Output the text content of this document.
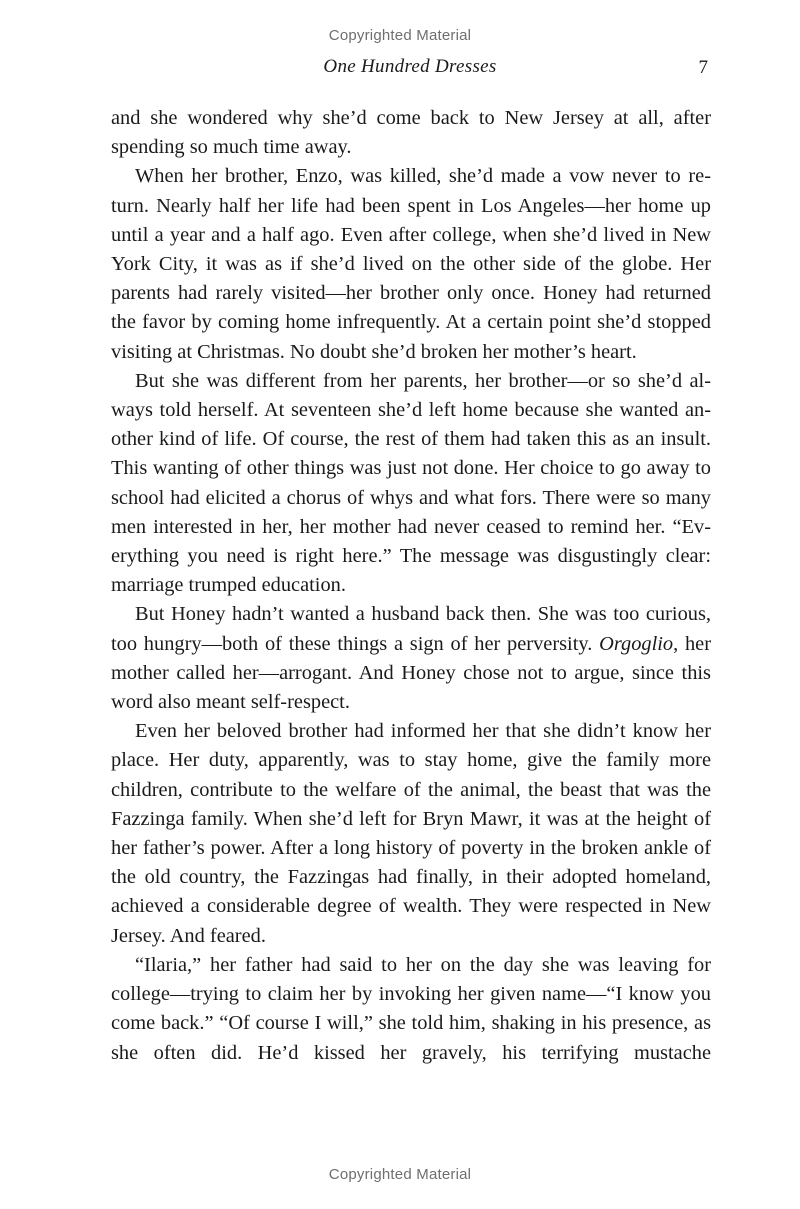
Copyrighted Material
One Hundred Dresses	7

and she wondered why she’d come back to New Jersey at all, after spending so much time away.

When her brother, Enzo, was killed, she’d made a vow never to return. Nearly half her life had been spent in Los Angeles—her home up until a year and a half ago. Even after college, when she’d lived in New York City, it was as if she’d lived on the other side of the globe. Her parents had rarely visited—her brother only once. Honey had returned the favor by coming home infrequently. At a certain point she’d stopped visiting at Christmas. No doubt she’d broken her mother’s heart.

But she was different from her parents, her brother—or so she’d always told herself. At seventeen she’d left home because she wanted another kind of life. Of course, the rest of them had taken this as an insult. This wanting of other things was just not done. Her choice to go away to school had elicited a chorus of whys and what fors. There were so many men interested in her, her mother had never ceased to remind her. “Everything you need is right here.” The message was disgustingly clear: marriage trumped education.

But Honey hadn’t wanted a husband back then. She was too curious, too hungry—both of these things a sign of her perversity. Orgoglio, her mother called her—arrogant. And Honey chose not to argue, since this word also meant self-respect.

Even her beloved brother had informed her that she didn’t know her place. Her duty, apparently, was to stay home, give the family more children, contribute to the welfare of the animal, the beast that was the Fazzinga family. When she’d left for Bryn Mawr, it was at the height of her father’s power. After a long history of poverty in the broken ankle of the old country, the Fazzingas had finally, in their adopted homeland, achieved a considerable degree of wealth. They were respected in New Jersey. And feared.

“Ilaria,” her father had said to her on the day she was leaving for college—trying to claim her by invoking her given name—“I know you come back.” “Of course I will,” she told him, shaking in his presence, as she often did. He’d kissed her gravely, his terrifying mustache

Copyrighted Material
